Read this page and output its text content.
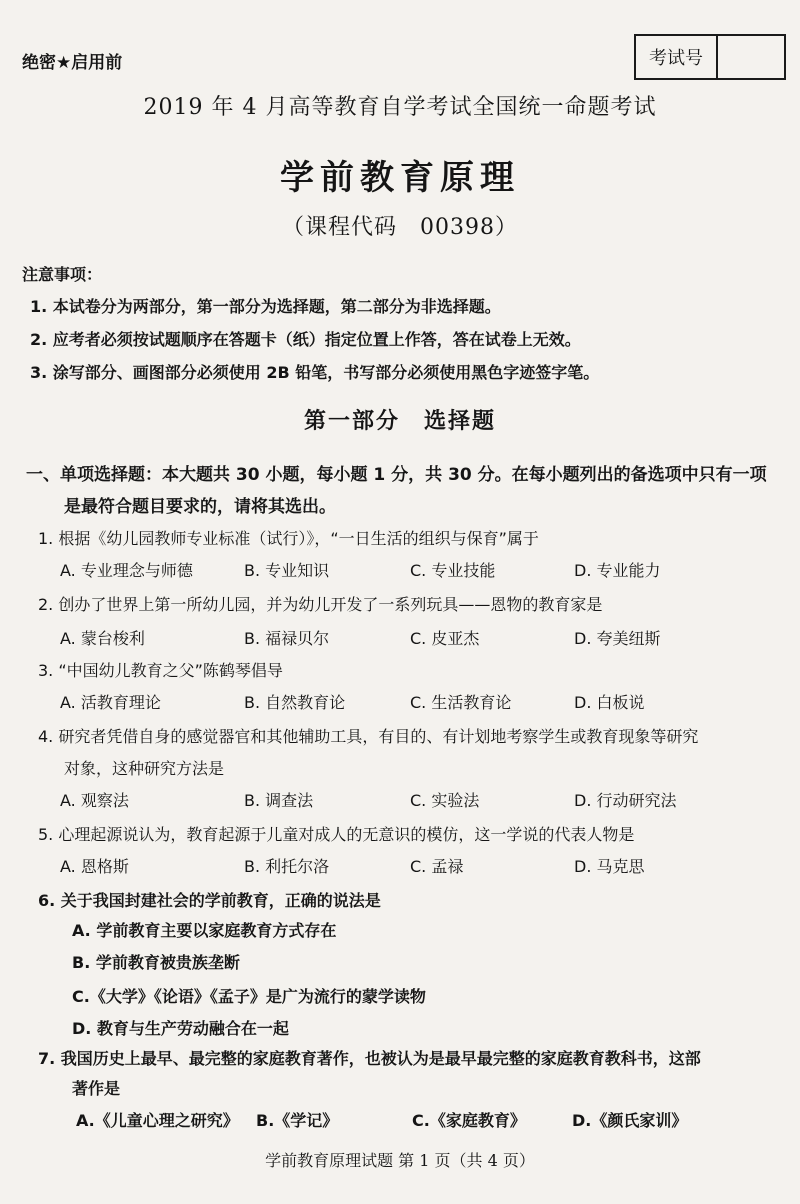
绝密★启用前	考试号
2019 年 4 月高等教育自学考试全国统一命题考试
学前教育原理
（课程代码　00398）
注意事项：
1. 本试卷分为两部分，第一部分为选择题，第二部分为非选择题。
2. 应考者必须按试题顺序在答题卡（纸）指定位置上作答，答在试卷上无效。
3. 涂写部分、画图部分必须使用 2B 铅笔，书写部分必须使用黑色字迹签字笔。
第一部分　选择题
一、单项选择题：本大题共 30 小题，每小题 1 分，共 30 分。在每小题列出的备选项中只有一项
是最符合题目要求的，请将其选出。
1. 根据《幼儿园教师专业标准（试行）》，“一日生活的组织与保育”属于
A. 专业理念与师德	B. 专业知识	C. 专业技能	D. 专业能力
2. 创办了世界上第一所幼儿园，并为幼儿开发了一系列玩具——恩物的教育家是
A. 蒙台梭利	B. 福禄贝尔	C. 皮亚杰	D. 夸美纽斯
3. “中国幼儿教育之父”陈鹤琴倡导
A. 活教育理论	B. 自然教育论	C. 生活教育论	D. 白板说
4. 研究者凭借自身的感觉器官和其他辅助工具，有目的、有计划地考察学生或教育现象等研究
对象，这种研究方法是
A. 观察法	B. 调查法	C. 实验法	D. 行动研究法
5. 心理起源说认为，教育起源于儿童对成人的无意识的模仿，这一学说的代表人物是
A. 恩格斯	B. 利托尔洛	C. 孟禄	D. 马克思
6. 关于我国封建社会的学前教育，正确的说法是
A. 学前教育主要以家庭教育方式存在
B. 学前教育被贵族垄断
C.《大学》《论语》《孟子》是广为流行的蒙学读物
D. 教育与生产劳动融合在一起
7. 我国历史上最早、最完整的家庭教育著作，也被认为是最早最完整的家庭教育教科书，这部
著作是
A.《儿童心理之研究》 B.《学记》	C.《家庭教育》	D.《颜氏家训》
学前教育原理试题 第 1 页（共 4 页）
